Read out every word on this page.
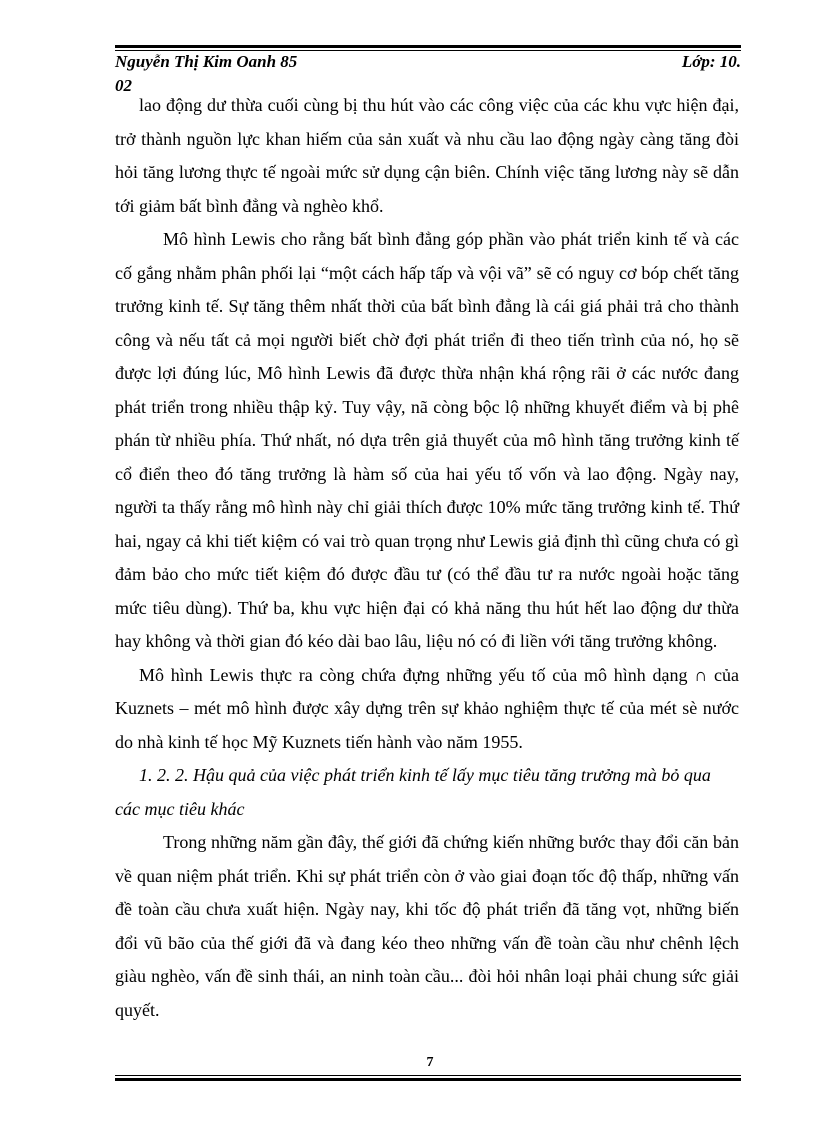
Nguyễn Thị Kim Oanh 85
02
Lớp: 10.

lao động dư thừa cuối cùng bị thu hút vào các công việc của các khu vực hiện đại, trở thành nguồn lực khan hiếm của sản xuất và nhu cầu lao động ngày càng tăng đòi hỏi tăng lương thực tế ngoài mức sử dụng cận biên. Chính việc tăng lương này sẽ dẫn tới giảm bất bình đẳng và nghèo khổ.

Mô hình Lewis cho rằng bất bình đẳng góp phần vào phát triển kinh tế và các cố gắng nhằm phân phối lại “một cách hấp tấp và vội vã” sẽ có nguy cơ bóp chết tăng trưởng kinh tế. Sự tăng thêm nhất thời của bất bình đẳng là cái giá phải trả cho thành công và nếu tất cả mọi người biết chờ đợi phát triển đi theo tiến trình của nó, họ sẽ được lợi đúng lúc, Mô hình Lewis đã được thừa nhận khá rộng rãi ở các nước đang phát triển trong nhiều thập kỷ. Tuy vậy, nã còng bộc lộ những khuyết điểm và bị phê phán từ nhiều phía. Thứ nhất, nó dựa trên giả thuyết của mô hình tăng trưởng kinh tế cổ điển theo đó tăng trưởng là hàm số của hai yếu tố vốn và lao động. Ngày nay, người ta thấy rằng mô hình này chỉ giải thích được 10% mức tăng trưởng kinh tế. Thứ hai, ngay cả khi tiết kiệm có vai trò quan trọng như Lewis giả định thì cũng chưa có gì đảm bảo cho mức tiết kiệm đó được đầu tư (có thể đầu tư ra nước ngoài hoặc tăng mức tiêu dùng). Thứ ba, khu vực hiện đại có khả năng thu hút hết lao động dư thừa hay không và thời gian đó kéo dài bao lâu, liệu nó có đi liền với tăng trưởng không.

Mô hình Lewis thực ra còng chứa đựng những yếu tố của mô hình dạng ∩ của Kuznets – mét mô hình được xây dựng trên sự khảo nghiệm thực tế của mét sè nước do nhà kinh tế học Mỹ Kuznets tiến hành vào năm 1955.

1. 2. 2. Hậu quả của việc phát triển kinh tế lấy mục tiêu tăng trưởng mà bỏ qua các mục tiêu khác

Trong những năm gần đây, thế giới đã chứng kiến những bước thay đổi căn bản về quan niệm phát triển. Khi sự phát triển còn ở vào giai đoạn tốc độ thấp, những vấn đề toàn cầu chưa xuất hiện. Ngày nay, khi tốc độ phát triển đã tăng vọt, những biến đổi vũ bão của thế giới đã và đang kéo theo những vấn đề toàn cầu như chênh lệch giàu nghèo, vấn đề sinh thái, an ninh toàn cầu... đòi hỏi nhân loại phải chung sức giải quyết.

7
